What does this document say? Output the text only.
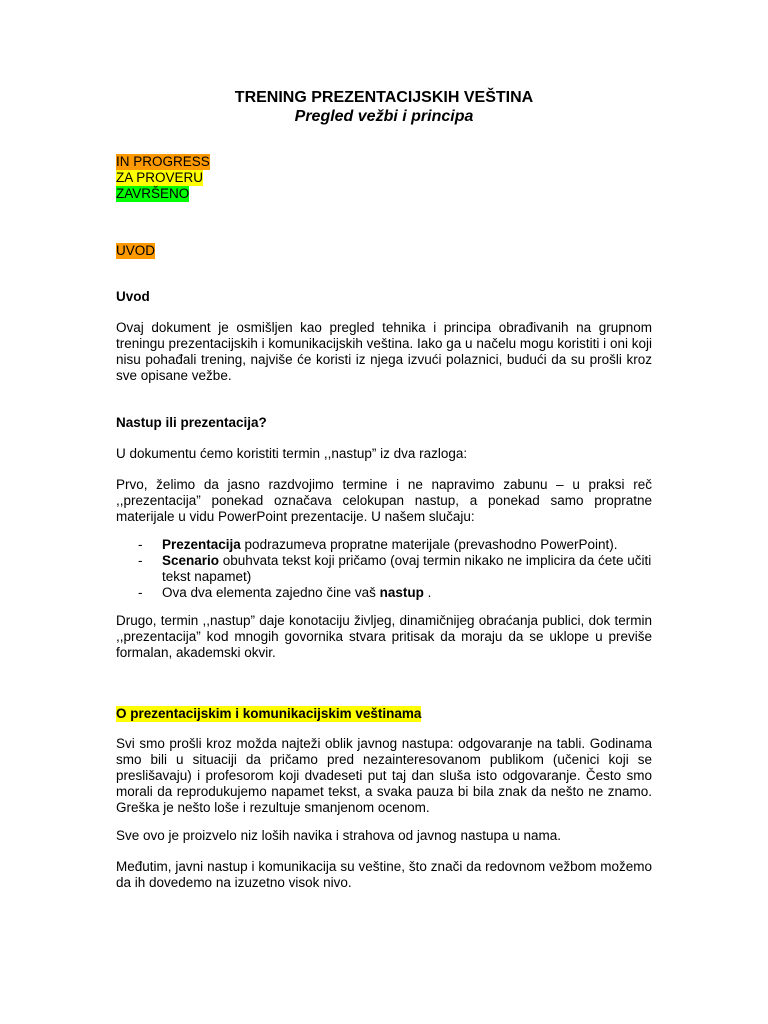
TRENING PREZENTACIJSKIH VEŠTINA
Pregled vežbi i principa
IN PROGRESS
ZA PROVERU
ZAVRŠENO
UVOD
Uvod

Ovaj dokument je osmišljen kao pregled tehnika i principa obrađivanih na grupnom treningu prezentacijskih i komunikacijskih veština. Iako ga u načelu mogu koristiti i oni koji nisu pohađali trening, najviše će koristi iz njega izvući polaznici, budući da su prošli kroz sve opisane vežbe.

Nastup ili prezentacija?

U dokumentu ćemo koristiti termin ,,nastup” iz dva razloga:

Prvo, želimo da jasno razdvojimo termine i ne napravimo zabunu – u praksi reč ,,prezentacija” ponekad označava celokupan nastup, a ponekad samo propratne materijale u vidu PowerPoint prezentacije. U našem slučaju:

- Prezentacija podrazumeva propratne materijale (prevashodno PowerPoint).
- Scenario obuhvata tekst koji pričamo (ovaj termin nikako ne implicira da ćete učiti tekst napamet)
- Ova dva elementa zajedno čine vaš nastup .

Drugo, termin ,,nastup” daje konotaciju življeg, dinamičnijeg obraćanja publici, dok termin ,,prezentacija” kod mnogih govornika stvara pritisak da moraju da se uklope u previše formalan, akademski okvir.

O prezentacijskim i komunikacijskim veštinama

Svi smo prošli kroz možda najteži oblik javnog nastupa: odgovaranje na tabli. Godinama smo bili u situaciji da pričamo pred nezainteresovanom publikom (učenici koji se preslišavaju) i profesorom koji dvadeseti put taj dan sluša isto odgovaranje. Često smo morali da reprodukujemo napamet tekst, a svaka pauza bi bila znak da nešto ne znamo. Greška je nešto loše i rezultuje smanjenom ocenom.

Sve ovo je proizvelo niz loših navika i strahova od javnog nastupa u nama.

Međutim, javni nastup i komunikacija su veštine, što znači da redovnom vežbom možemo da ih dovedemo na izuzetno visok nivo.
